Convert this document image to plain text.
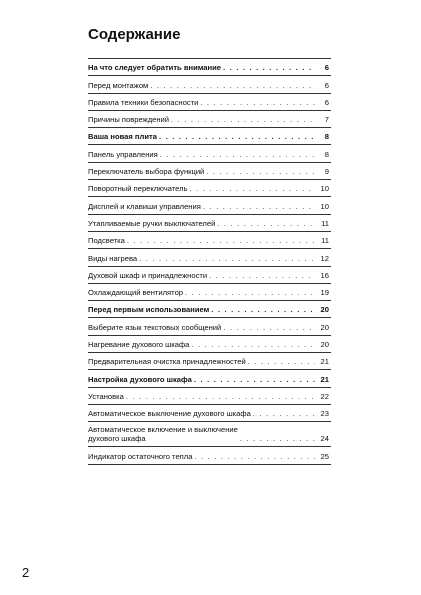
Содержание
На что следует обратить внимание . . .	6
Перед монтажом . . .	6
Правила техники безопасности . . .	6
Причины повреждений . . .	7
Ваша новая плита . . .	8
Панель управления . . .	8
Переключатель выбора функций . . .	9
Поворотный переключатель . . .	10
Дисплей и клавиши управления . . .	10
Утапливаемые ручки выключателей . . .	11
Подсветка . . .	11
Виды нагрева . . .	12
Духовой шкаф и принадлежности . . .	16
Охлаждающий вентилятор . . .	19
Перед первым использованием . . .	20
Выберите язык текстовых сообщений . . .	20
Нагревание духового шкафа . . .	20
Предварительная очистка принадлежностей . . .	21
Настройка духового шкафа . . .	21
Установка . . .	22
Автоматическое выключение духового шкафа . . .	23
Автоматическое включение и выключение
духового шкафа . . .	24
Индикатор остаточного тепла . . .	25
2
